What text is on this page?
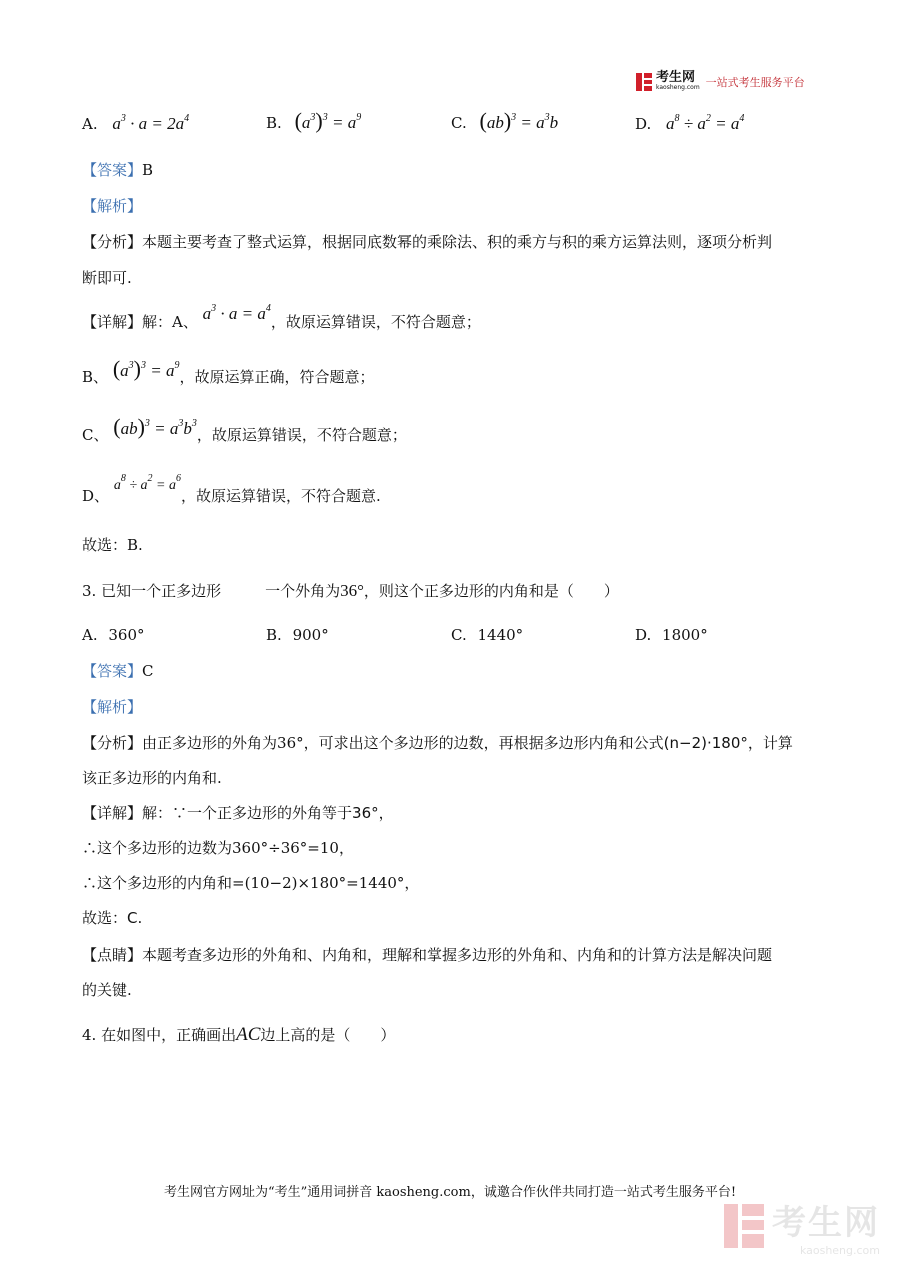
考生网
kaosheng.com 一站式考生服务平台
A. $a^3 \cdot a = 2a^4$	B. $(a^3)^3 = a^9$	C. $(ab)^3 = a^3b$	D. $a^8 \div a^2 = a^4$
【答案】B
【解析】
【分析】本题主要考查了整式运算，根据同底数幂的乘除法、积的乘方与积的乘方运算法则，逐项分析判
断即可.
【详解】解：A、 $a^3 \cdot a = a^4$，故原运算错误，不符合题意；
B、 $(a^3)^3 = a^9$，故原运算正确，符合题意；
C、 $(ab)^3 = a^3b^3$，故原运算错误，不符合题意；
D、 $a^8 \div a^2 = a^6$，故原运算错误，不符合题意.
故选：B.
3. 已知一个正多边形	一个外角为36°，则这个正多边形的内角和是（　　）
A. 360°	B. 900°	C. 1440°	D. 1800°
【答案】C
【解析】
【分析】由正多边形的外角为36°，可求出这个多边形的边数，再根据多边形内角和公式(n−2)·180°，计算
该正多边形的内角和.
【详解】解：∵一个正多边形的外角等于36°，
∴这个多边形的边数为360°÷36°=10，
∴这个多边形的内角和=(10−2)×180°=1440°，
故选：C.
【点睛】本题考查多边形的外角和、内角和，理解和掌握多边形的外角和、内角和的计算方法是解决问题
的关键.
4. 在如图中，正确画出AC边上高的是（　　）
考生网官方网址为“考生”通用词拼音 kaosheng.com，诚邀合作伙伴共同打造一站式考生服务平台!
考生网
kaosheng.com
